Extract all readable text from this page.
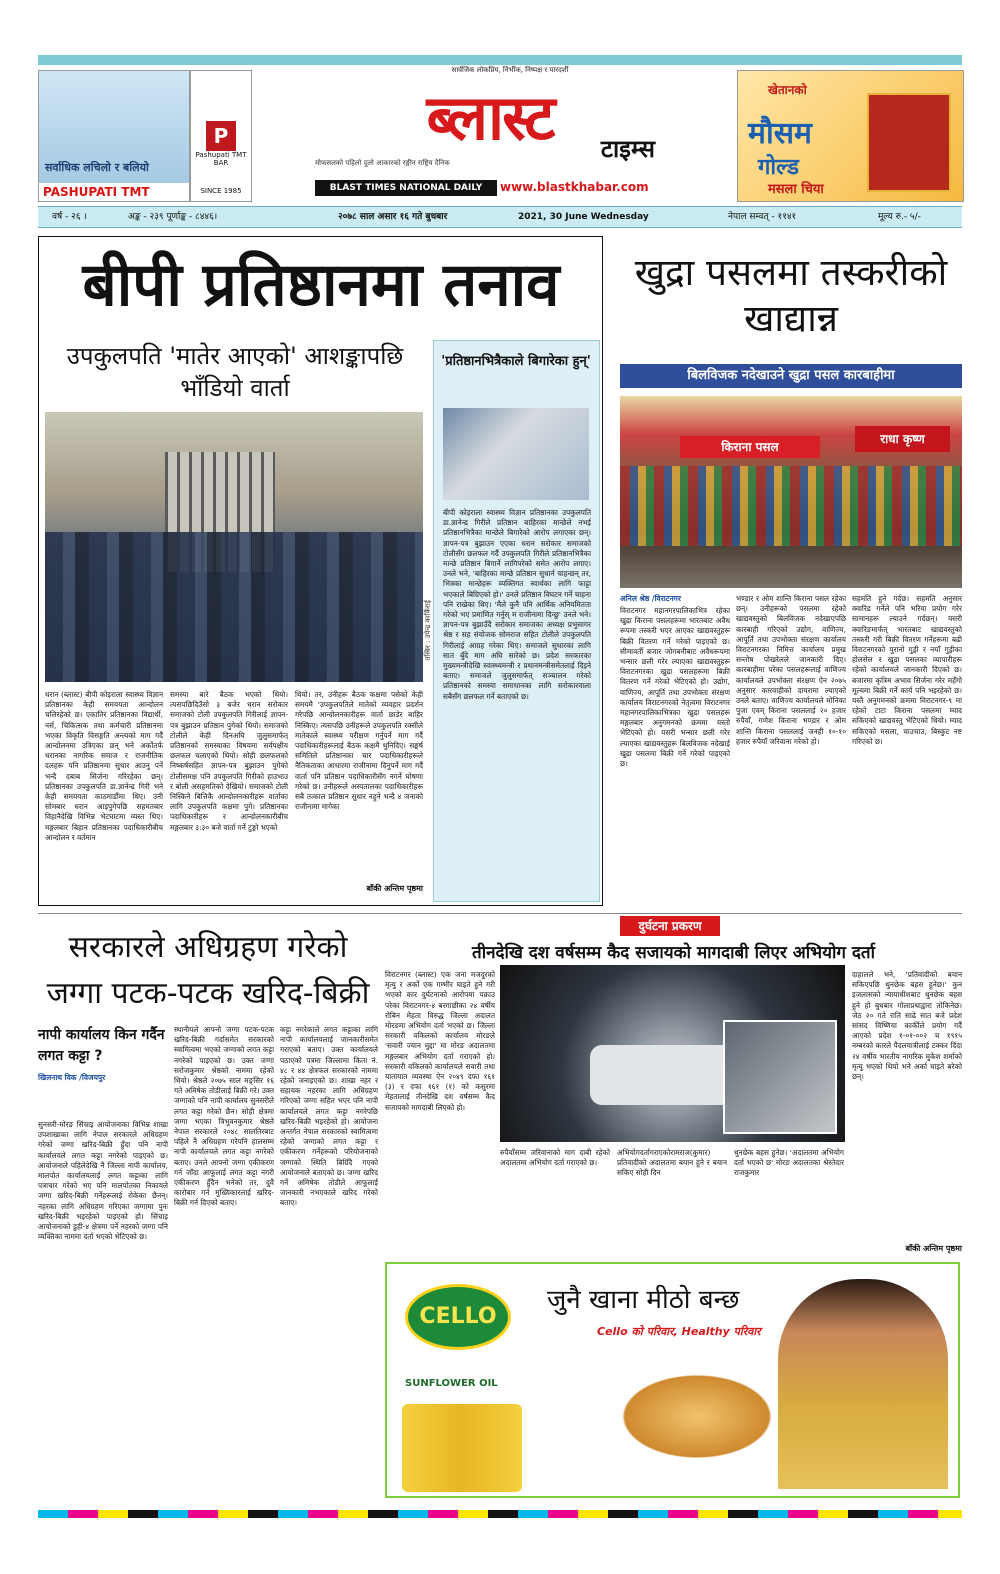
सार्वजिक लोकप्रिय, निर्भीक, निष्पक्ष र पारदर्शी
सर्वाधिक लचिलो र बलियो
PASHUPATI TMT
P
Pashupati TMT BAR
SINCE 1985
ब्लास्ट	टाइम्स
मोफसलको पहिलो दुलो आकारको रङ्गीन राष्ट्रिय दैनिक
BLAST TIMES NATIONAL DAILY	www.blastkhabar.com
खेतानको
मौसम
गोल्ड
मसला चिया
वर्ष - २६ ।	अङ्क - २३९ पूर्णाङ्क - ८४४६।	२०७८ साल असार १६ गते बुधबार	2021, 30 June Wednesday	नेपाल सम्वत् - ११४१	मूल्य रु.- ५/-
बीपी प्रतिष्ठानमा तनाव
उपकुलपति 'मातेर आएको' आशङ्कापछि भाँडियो वार्ता
तस्बिर : उपेन्द्र कार्किराई
धरान (ब्लास्ट) बीपी कोइराला स्वास्थ्य विज्ञान प्रतिष्ठानका केही समययता आन्दोलन चलिरहेको छ। एकातिर प्रतिष्ठानका विद्यार्थी, नर्स, चिकित्सक तथा कर्मचारी प्रतिष्ठानमा भएका विकृति विसङ्गति अन्त्यको माग गर्दै आन्दोलनमा उत्रिएका छन् भने अर्कोतर्फ धरानका नागरिक समाज र राजनीतिक दलहरू पनि प्रतिष्ठानमा सुधार आउनु पर्ने भन्दै दबाब सिर्जना गरिरहेका छन्। प्रतिष्ठानका उपकुलपति डा.ज्ञानेन्द्र गिरी भने केही समययता काठमाडौंमा थिए। उनी सोमबार धरान आइपुगेपछि सहमतबार विहानैदेखि विभिन्न भेटघाटमा व्यस्त थिए। मङ्गलबार बिहान प्रतिष्ठानका पदाधिकारीबीच आन्दोलन र वर्तमान
समस्या बारे बैठक भएको थियो। त्यसपछिदिउँसो ३ बजेर धरान सरोकार समाजको टोली उपकुलपति गिरीलाई ज्ञापन-पत्र बुझाउन प्रतिष्ठान पुगेको थियो। समाजको टोलीले केही दिनअघि जुलुसमार्फत् प्रतिष्ठानको समस्याका विषयमा सर्वपक्षीय छलफल चलाएको थियो। सोही छलफलको निष्कर्षसहित ज्ञापन-पत्र बुझाउन पुगेको टोलीसमक्ष पनि उपकुलपति गिरीको हाउभाउ र बोली असहमतिको देखियो। समाजको टोली निस्किने बित्तिकै आन्दोलनकारीहरू वार्ताका लागि उपकुलपति कक्षमा पुगे। प्रतिष्ठानका पदाधिकारीहरू र आन्दोलनकारीबीच मङ्गलबार ३:३० बजे वार्ता गर्ने टुङ्गो भएको
थियो। तर, उनीहरू बैठक कक्षमा पसेको केही समयमै 'उपकुलपतिले मातेको व्यवहार प्रदर्शन गरेपछि आन्दोलनकारीहरू वार्ता छाडेर बाहिर निस्किए। त्यसपछि उनीहरूले उपकुलपति रक्सीले मातेकाले स्वास्थ्य परीक्षण गर्नुपर्ने माग गर्दै पदाधिकारीहरूलाई बैठक कक्षमै थुनिदिए। सङ्घर्ष समितिले प्रतिष्ठानका चार पदाधिकारीहरूले नैतिकताका आधारमा राजीनामा दिनुपर्ने माग गर्दै वार्ता पनि प्रतिष्ठान पदाधिकारीसँग नगर्ने घोषणा गरेको छ। उनीहरूले अस्पतालका पदाधिकारीहरू सबै तत्काल प्रतिष्ठान सुधार नहुने भन्दै ४ जनाको राजीनामा मागेका
बाँकी अन्तिम पृष्ठमा
'प्रतिष्ठानभित्रैकाले बिगारेका हुन्'
बीपी कोइराला स्वास्थ्य विज्ञान प्रतिष्ठानका उपकुलपति डा.ज्ञानेन्द्र गिरीले प्रतिष्ठान बाहिरका मान्छेले नभई प्रतिष्ठानभित्रैका मान्छेले बिगारेको आरोप लगाएका छन्। ज्ञापन-पत्र बुझाउन एएका धरान सरोकार समाजको टोलीसँग छलफल गर्दै उपकुलपति गिरीले प्रतिष्ठानभित्रैका मान्छे प्रतिष्ठान बिगार्ने लागिपरेको समेत आरोप लगाए। उनले भने, 'बाहिरका मान्छे प्रतिष्ठान सुधार्न चाहन्छन् तर, भित्रका मान्छेहरू व्यक्तिगत स्वार्थका लागि फाट्टा भएकाले बिग्रिएको हो।' उनले प्रतिष्ठान विघटन गर्ने चाहना पनि राखेका थिए। 'मैले कुनै पनि आर्थिक अनियमितता गरेको भए प्रमाणित गर्नुस् म राजीनामा दिन्छु' उनले भने। ज्ञापन-पत्र बुझाउँदै सरोकार समाजका अध्यक्ष प्रभुसागर श्रेष्ठ र सह संयोजक सोमराज सहित टोलीले उपकुलपति गिरीलाई आग्रह गरेका थिए। समाजले सुधारका लागि सात बुँदे माग अघि सारेको छ। प्रदेश सरकारका मुख्यमन्त्रीदेखि स्वास्थ्यमन्त्री र प्रधानमन्त्रीसमेतलाई दिइने बताए। समाजले जुलुसमार्फत् सञ्चालन गरेको प्रतिष्ठानको समस्या समाधानका लागि सरोकारवाला सबैसँग छलफल गर्ने बताएको छ।
खुद्रा पसलमा तस्करीको खाद्यान्न
बिलविजक नदेखाउने खुद्रा पसल कारबाहीमा
किराना पसल
राधा कृष्ण
अनिल श्रेष्ठ /विराटनगर
विराटनगर महानगरपालिकाभित्र रहेका खुद्रा किराना पसलहरूमा भारतबाट अवैध रूपमा तस्करी भएर आएका खाद्यवस्तुहरू बिक्री वितरण गर्ने गरेको पाइएको छ। सीमावर्ती बजार जोगबनीबाट अवैधरूपमा भन्सार छली गरेर ल्याएका खाद्यवस्तुहरू विराटनगरका खुद्रा पसलहरूमा बिक्री वितरण गर्ने गरेको भेटिएको हो। उद्योग, वाणिज्य, आपूर्ति तथा उपभोक्ता संरक्षण कार्यालय विराटनगरको नेतृत्वमा विराटनगर महानगरपालिकाभित्रका खुद्रा पसलहरू मङ्गलबार अनुगमनको क्रममा यस्तो भेटिएको हो। यसरी भन्सार छली गरेर ल्याएका खाद्यवस्तुहरू बिलविजक नदेखाई खुद्रा पसलमा बिक्री गर्ने गरेको पाइएको छ।
भण्डार र ओम शान्ति किराना पसल रहेका छन्। उनीहरूको पसलमा रहेको खाद्यवस्तुको बिलविजक नदेखाएपछि कारबाही गरिएको उद्योग, वाणिज्य, आपूर्ति तथा उपभोक्ता संरक्षण कार्यालय विराटनगरका निमित्त कार्यालय प्रमुख सन्तोष पोखरेलले जानकारी दिए। कारबाहीमा परेका पसलहरूलाई वाणिज्य कार्यालयले उपभोक्ता संरक्षण ऐन २०७५ अनुसार कारवाहीको दायरामा ल्याएको उनले बताए। वाणिज्य कार्यालयले मोनिका पुजा एवम् किराना पसललाई २० हजार रुपैयाँ, गणेश किराना भण्डार र ओम शान्ति किराना पसललाई जनही १०-१० हजार रुपैयाँ जरिवाना गरेको हो।
सहमति हुने गर्दछ। सहमति अनुसार क्वारिड गर्नेले पनि भरिया प्रयोग गरेर सामानहरू ल्याउने गर्दछन्। यसरी क्वारिङमार्फत् भारतबाट खाद्यवस्तुको तस्करी गरी बिक्री वितरण गर्नेहरूमा बढी विराटनगरको पुरानो गुड्री र नयाँ गुड्रीका होलसेल र खुद्रा पसलका व्यापारीहरू रहेको कार्यालयले जानकारी दिएको छ। बजारमा कृत्रिम अभाव सिर्जना गरेर महँगो मूल्यमा बिक्री गर्ने कार्य पनि भइरहेको छ। यस्तै अनुगमनको क्रममा विराटनगर-९ मा रहेको टाटा किराना पसलमा म्याद सकिएको खाद्यवस्तु भेटिएको थियो। म्याद सकिएको मसला, चाउचाउ, बिस्कुट नष्ट गरिएको छ।
सरकारले अधिग्रहण गरेको जग्गा पटक-पटक खरिद-बिक्री
नापी कार्यालय किन गर्दैन लगत कट्टा ?
खिलनाथ विक /विजयपुर
सुनसरी-मोरङ सिंचाइ आयोजनाका विभिन्न शाखा उपशाखाका लागि नेपाल सरकारले अधिग्रहण गरेको जग्गा खरिद-बिक्री हुँदा पनि नापी कार्यालयले लगत कट्टा नगरेको पाइएको छ। आयोजनाले पहिलेदेखि नै जिल्ला नापी कार्यालय, मालपोत कार्यालयलाई लगत कट्टाका लागि पत्राचार गरेको भए पनि मालपोतका निकायले जग्गा खरिद-बिक्री गर्नेहरूलाई रोकेका छैनन्। नहरका लागि अधिग्रहण गरिएका जग्गामा पुनः खरिद-बिक्री भइरहेको पाइएको हो। सिंचाइ आयोजनाको डुही-४ क्षेत्रमा पर्ने नहरको जग्गा पनि व्यक्तिका नाममा दर्ता भएको भेटिएको छ।
स्थानीयले आफ्नो जग्गा पटक-पटक खरिद-बिक्री गर्दासमेत सरकारको स्वामित्वमा भएको जग्गाको लगत कट्टा नगरेको पाइएको छ। उक्त जग्गा सरोजकुमार श्रेष्ठको नाममा रहेको थियो। श्रेष्ठले २०७५ साल मङ्सिर १६ गते अमिषेक तोडीलाई बिक्री गरे। उक्त जग्गाको पनि नापी कार्यालय सुनसरीले लगत कट्टा गरेको छैन। सोही क्षेत्रमा जग्गा भएका त्रिभुवनकुमार श्रेष्ठले नेपाल सरकारले २०४८ सालतिरबाट पहिले नै अधिग्रहण गरेपनि हालसम्म नापी कार्यालयले लगत कट्टा नगरेको बताए। उनले आफ्नो जग्गा एकीकरण गर्न जाँदा आफूलाई लगत कट्टा नगरी एकीकरण हुँदैन भनेको तर, दुवै कारोबार गर्न मुख्यिकारलाई खरिद-बिक्री गर्न दिएको बताए।
कट्टा नगरेकाले लगत कट्टाका लागि नापी कार्यालयलाई जानकारीसमेत गराएको बताए। उक्त कार्यालयले पठाएको पत्रमा जिल्लामा किता नं. ४८ र ४४ क्षेत्रफल सरकारको नाममा रहेको जनाइएको छ। शाखा नहर र सहायक नहरका लागि अधिग्रहण गरिएको जग्गा सहित भएर पनि नापी कार्यालयले लगत कट्टा नगरेपछि खरिद-बिक्री भइरहेको हो। आयोजना अन्तर्गत नेपाल सरकारको स्वामित्वमा रहेको जग्गाको लगत कट्टा र एकीकरण गर्नेहरूको परियोजनाको जग्गाको स्थिति बिग्रिँदै गएको आयोजनाले बताएको छ। जग्गा खरिद गर्ने अमिषेक तोडीले आफूलाई जानकारी नभएकाले खरिद गरेको बताए।
दुर्घटना प्रकरण
तीनदेखि दश वर्षसम्म कैद सजायको मागदाबी लिएर अभियोग दर्ता
विराटनगर (ब्लास्ट) एक जना मजदुरको मृत्यु र अर्को एक गम्भीर घाइते हुने गरी भएको कार दुर्घटनाको आरोपमा पक्राउ परेका विराटनगर-४ बरगाछीका २४ वर्षीय रोबिन मेहता विरुद्ध जिल्ला अदालत मोरङमा अभियोग दर्ता भएको छ। जिल्ला सरकारी वकिलको कार्यालय मोरङले 'सवारी ज्यान मुद्दा' मा मोरङ अदालतमा मङ्गलबार अभियोग दर्ता गराएको हो। सरकारी वकिलको कार्यालयले सवारी तथा यातायात व्यवस्था ऐन २०४९ दफा १६१ (३) र दफा १६१ (१) को कसुरमा मेहतालाई तीनदेखि दश वर्षसम्म कैद सजायको मागदाबी लिएको हो।
रुपैयाँसम्म जरिवानाको माग दाबी रहेको अदालतमा अभियोग दर्ता गराएको छ।
अभियोगदर्तागराएकोरामराज(कुमार) प्रतिवादीको अदालतमा बयान हुने र बयान सकिए सोही दिन
थुनछेक बहस हुनेछ। 'अदालतमा अभियोग दर्ता भएको छ' मोरङ अदालतका श्रेस्तेदार राजकुमार
दाहालले भने, 'प्रतिवादीको बयान सकिएपछि थुनछेक बहस हुनेछ।' कुन इजलासको न्यायाधीशबाट थुनछेक बहस हुने हो बुधबार गोलाप्रथाद्वारा तोकिनेछ। जेठ २० गते राति साढे सात बजे प्रदेश सांसद विष्णिया कार्कीले प्रयोग गर्दै आएको प्रदेश १-०१-००२ च १९१५ नम्बरको कारले पैदलयात्रीलाई टक्कर दिंदा २४ वर्षीय भारतीय नागरिक मुकेश शर्माको मृत्यु भएको थियो भने अर्का घाइते बरेको छन्।
बाँकी अन्तिम पृष्ठमा
CELLO
SUNFLOWER OIL
जुनै खाना मीठो बन्छ
Cello को परिवार, Healthy परिवार
